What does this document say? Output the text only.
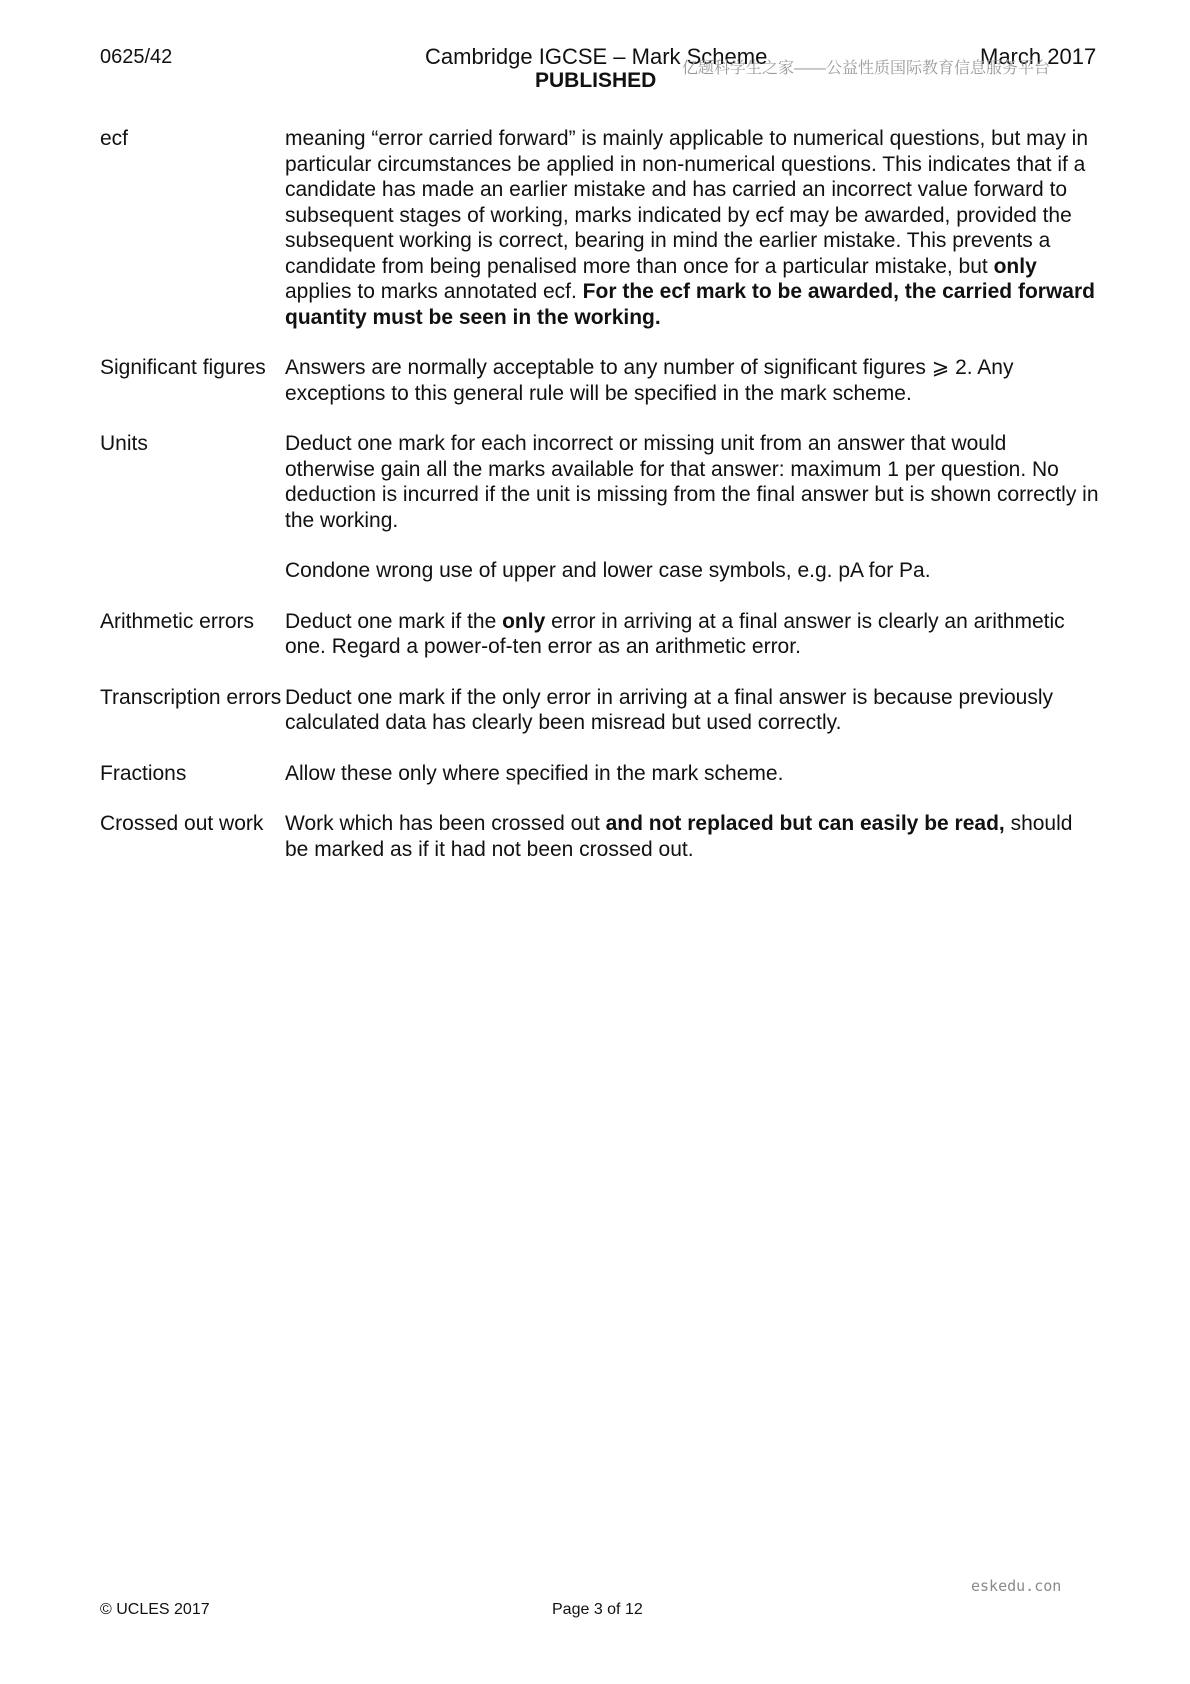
0625/42	Cambridge IGCSE – Mark Scheme	March 2017
PUBLISHED
亿题科学生之家——公益性质国际教育信息服务平台
ecf	meaning “error carried forward” is mainly applicable to numerical questions, but may in particular circumstances be applied in non-numerical questions. This indicates that if a candidate has made an earlier mistake and has carried an incorrect value forward to subsequent stages of working, marks indicated by ecf may be awarded, provided the subsequent working is correct, bearing in mind the earlier mistake. This prevents a candidate from being penalised more than once for a particular mistake, but only applies to marks annotated ecf. For the ecf mark to be awarded, the carried forward quantity must be seen in the working.

Significant figures Answers are normally acceptable to any number of significant figures ⩾ 2. Any exceptions to this general rule will be specified in the mark scheme.

Units	Deduct one mark for each incorrect or missing unit from an answer that would otherwise gain all the marks available for that answer: maximum 1 per question. No deduction is incurred if the unit is missing from the final answer but is shown correctly in the working.

Condone wrong use of upper and lower case symbols, e.g. pA for Pa.

Arithmetic errors	Deduct one mark if the only error in arriving at a final answer is clearly an arithmetic one. Regard a power-of-ten error as an arithmetic error.

Transcription errors Deduct one mark if the only error in arriving at a final answer is because previously calculated data has clearly been misread but used correctly.

Fractions	Allow these only where specified in the mark scheme.

Crossed out work	Work which has been crossed out and not replaced but can easily be read, should be marked as if it had not been crossed out.

eskedu.con
© UCLES 2017	Page 3 of 12
